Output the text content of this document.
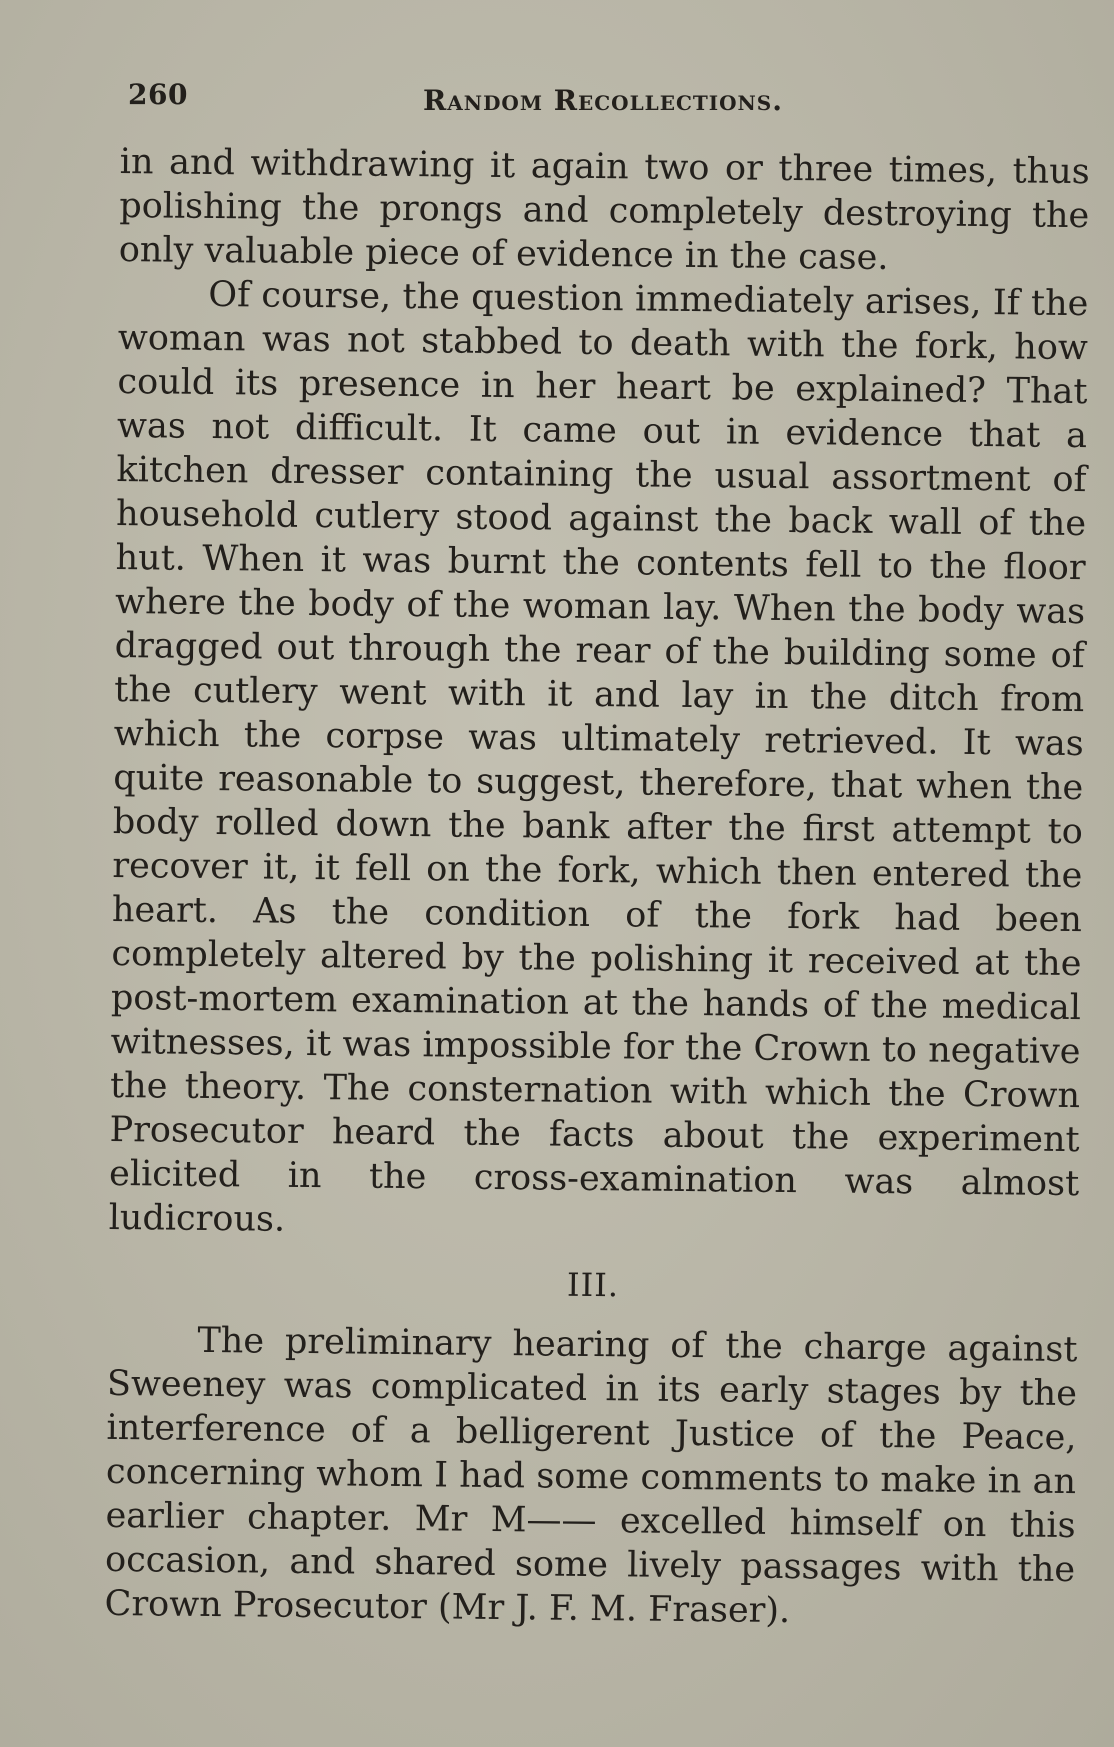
260	Random Recollections.

in and withdrawing it again two or three times, thus polishing the prongs and completely destroying the only valuable piece of evidence in the case.

Of course, the question immediately arises, If the woman was not stabbed to death with the fork, how could its presence in her heart be explained? That was not difficult. It came out in evidence that a kitchen dresser containing the usual assortment of household cutlery stood against the back wall of the hut. When it was burnt the contents fell to the floor where the body of the woman lay. When the body was dragged out through the rear of the building some of the cutlery went with it and lay in the ditch from which the corpse was ultimately retrieved. It was quite reasonable to suggest, therefore, that when the body rolled down the bank after the first attempt to recover it, it fell on the fork, which then entered the heart. As the condition of the fork had been completely altered by the polishing it received at the post-mortem examination at the hands of the medical witnesses, it was impossible for the Crown to negative the theory. The consternation with which the Crown Prosecutor heard the facts about the experiment elicited in the cross-examination was almost ludicrous.

III.

The preliminary hearing of the charge against Sweeney was complicated in its early stages by the interference of a belligerent Justice of the Peace, concerning whom I had some comments to make in an earlier chapter. Mr M—— excelled himself on this occasion, and shared some lively passages with the Crown Prosecutor (Mr J. F. M. Fraser).
